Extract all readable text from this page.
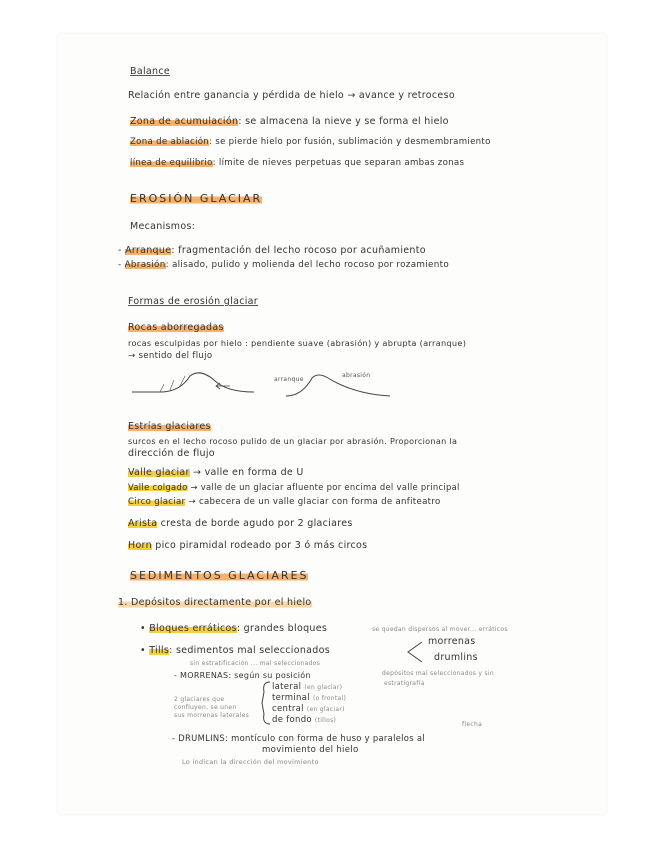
Balance
Relación entre ganancia y pérdida de hielo → avance y retroceso
Zona de acumulación: se almacena la nieve y se forma el hielo
Zona de ablación: se pierde hielo por fusión, sublimación y desmembramiento
línea de equilibrio: límite de nieves perpetuas que separan ambas zonas
EROSIÓN GLACIAR
Mecanismos:
- Arranque: fragmentación del lecho rocoso por acuñamiento
- Abrasión: alisado, pulido y molienda del lecho rocoso por rozamiento
Formas de erosión glaciar
Rocas aborregadas
rocas esculpidas por hielo : pendiente suave (abrasión) y abrupta (arranque)
→ sentido del flujo
arranque
abrasión
Estrías glaciares
surcos en el lecho rocoso pulido de un glaciar por abrasión. Proporcionan la
dirección de flujo
Valle glaciar → valle en forma de U
Valle colgado → valle de un glaciar afluente por encima del valle principal
Circo glaciar → cabecera de un valle glaciar con forma de anfiteatro
Arista cresta de borde agudo por 2 glaciares
Horn pico piramidal rodeado por 3 ó más circos
SEDIMENTOS GLACIARES
1. Depósitos directamente por el hielo
• Bloques erráticos: grandes bloques	se quedan dispersos al mover... erráticos
• Tills: sedimentos mal seleccionados
sin estratificación ... mal seleccionados
morrenas
drumlins
- MORRENAS: según su posición	depósitos mal seleccionados y sin
estratigrafía
lateral (en glaciar)
terminal (o frontal)
central (en glaciar)
de fondo (tillos)
2 glaciares que
confluyen, se unen
sus morrenas laterales
- DRUMLINS: montículo con forma de huso y paralelos al
flecha
movimiento del hielo
Lo indican la dirección del movimiento
